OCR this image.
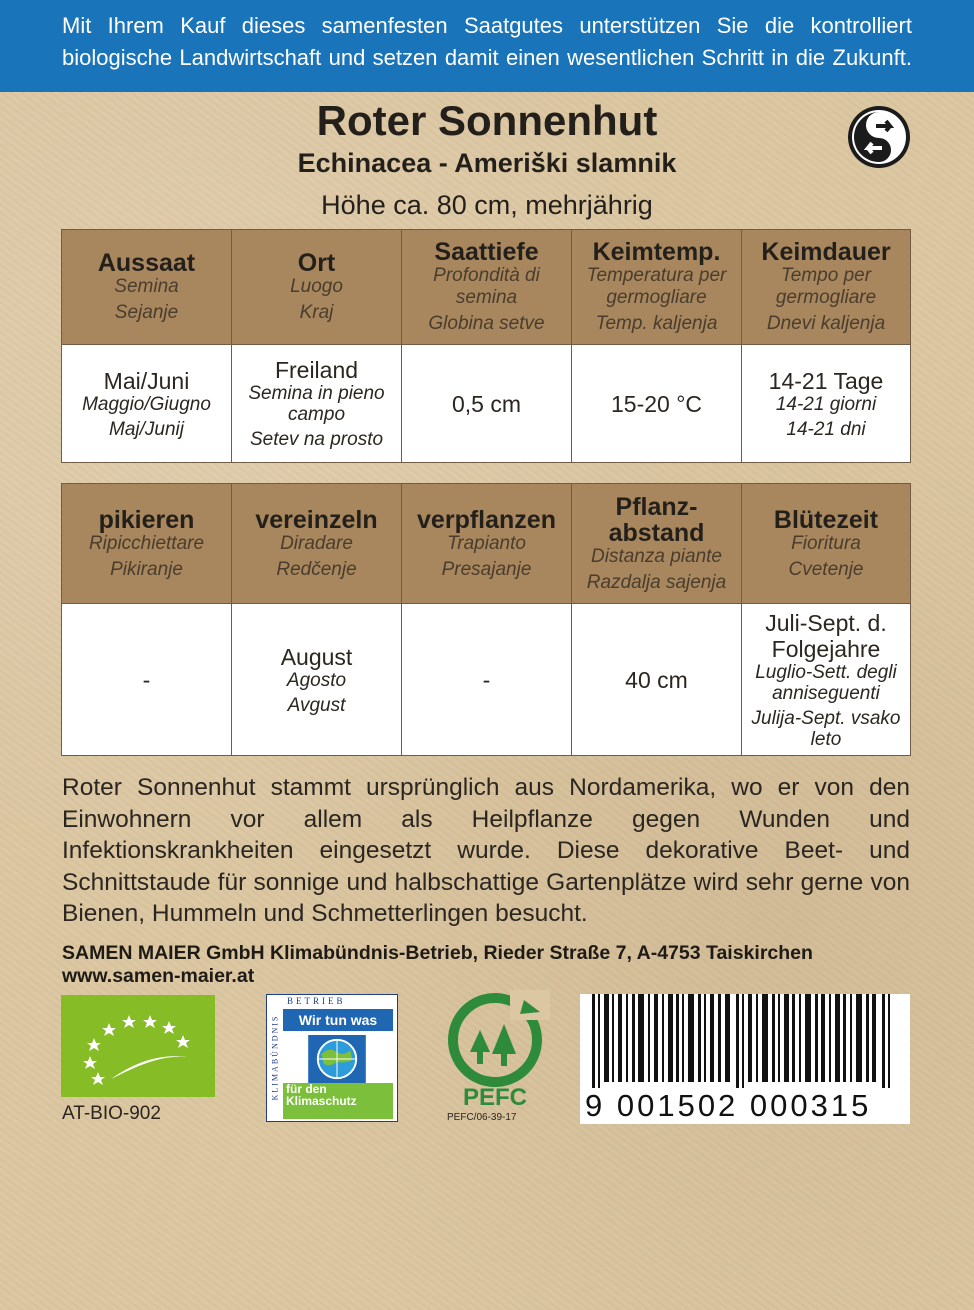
Mit Ihrem Kauf dieses samenfesten Saatgutes unterstützen Sie die kontrolliert
biologische Landwirtschaft und setzen damit einen wesentlichen Schritt in die Zukunft.
Roter Sonnenhut
Echinacea - Ameriški slamnik
Höhe ca. 80 cm, mehrjährig
Aussaat
Semina
Sejanje	Ort
Luogo
Kraj	Saattiefe
Profondità di semina
Globina setve	Keimtemp.
Temperatura per germogliare
Temp. kaljenja	Keimdauer
Tempo per germogliare
Dnevi kaljenja

Mai/Juni
Maggio/Giugno
Maj/Junij	Freiland
Semina in pieno campo
Setev na prosto	0,5 cm	15-20 °C	14-21 Tage
14-21 giorni
14-21 dni
pikieren
Ripicchiettare
Pikiranje	vereinzeln
Diradare
Redčenje	verpflanzen
Trapianto
Presajanje	Pflanz-abstand
Distanza piante
Razdalja sajenja	Blütezeit
Fioritura
Cvetenje

-	August
Agosto
Avgust	-	40 cm	Juli-Sept. d. Folgejahre
Luglio-Sett. degli anniseguenti
Julija-Sept. vsako leto
Roter Sonnenhut stammt ursprünglich aus Nordamerika, wo er von den Einwohnern vor allem als Heilpflanze gegen Wunden und Infektionskrankheiten eingesetzt wurde. Diese dekorative Beet- und Schnittstaude für sonnige und halbschattige Gartenplätze wird sehr gerne von Bienen, Hummeln und Schmetterlingen besucht.
SAMEN MAIER GmbH Klimabündnis-Betrieb, Rieder Straße 7, A-4753 Taiskirchen
www.samen-maier.at
AT-BIO-902
BETRIEB
KLIMABÜNDNIS	Wir tun was
für den Klimaschutz	PEFC
PEFC/06-39-17 9 001502 000315
